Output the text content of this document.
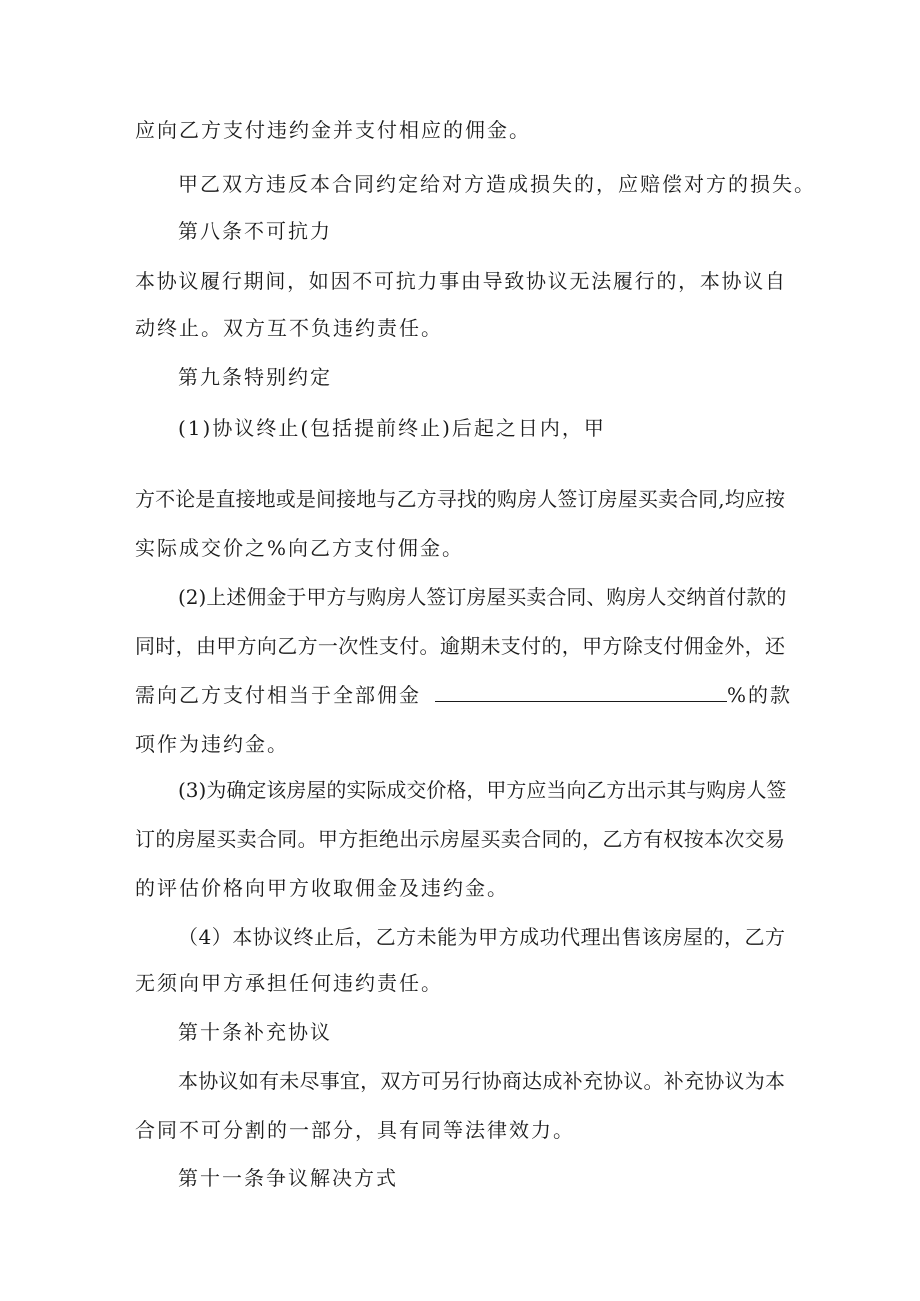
应向乙方支付违约金并支付相应的佣金。
甲乙双方违反本合同约定给对方造成损失的，应赔偿对方的损失。
第八条不可抗力
本协议履行期间，如因不可抗力事由导致协议无法履行的，本协议自
动终止。双方互不负违约责任。
第九条特别约定
(1)协议终止(包括提前终止)后起之日内，甲
方不论是直接地或是间接地与乙方寻找的购房人签订房屋买卖合同,均应按
实际成交价之%向乙方支付佣金。
(2)上述佣金于甲方与购房人签订房屋买卖合同、购房人交纳首付款的
同时，由甲方向乙方一次性支付。逾期未支付的，甲方除支付佣金外，还
需向乙方支付相当于全部佣金	%的款
项作为违约金。
(3)为确定该房屋的实际成交价格，甲方应当向乙方出示其与购房人签
订的房屋买卖合同。甲方拒绝出示房屋买卖合同的，乙方有权按本次交易
的评估价格向甲方收取佣金及违约金。
（4）本协议终止后，乙方未能为甲方成功代理出售该房屋的，乙方
无须向甲方承担任何违约责任。
第十条补充协议
本协议如有未尽事宜，双方可另行协商达成补充协议。补充协议为本
合同不可分割的一部分，具有同等法律效力。
第十一条争议解决方式
